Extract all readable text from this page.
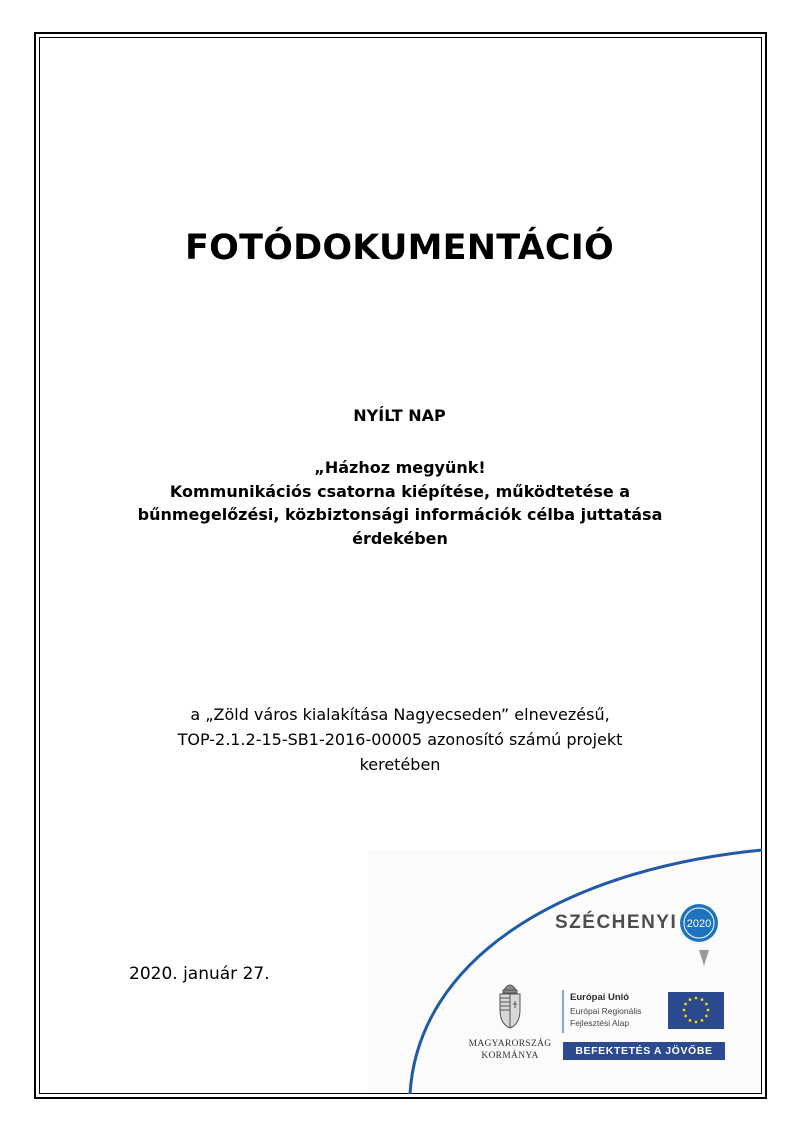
FOTÓDOKUMENTÁCIÓ
NYÍLT NAP
„Házhoz megyünk!
Kommunikációs csatorna kiépítése, működtetése a
bűnmegelőzési, közbiztonsági információk célba juttatása
érdekében
a „Zöld város kialakítása Nagyecseden” elnevezésű,
TOP-2.1.2-15-SB1-2016-00005 azonosító számú projekt
keretében
2020. január 27.
SZÉCHENYI 2020
MAGYARORSZÁG
KORMÁNYA
Európai Unió
Európai Regionális
Fejlesztési Alap
BEFEKTETÉS A JÖVŐBE
